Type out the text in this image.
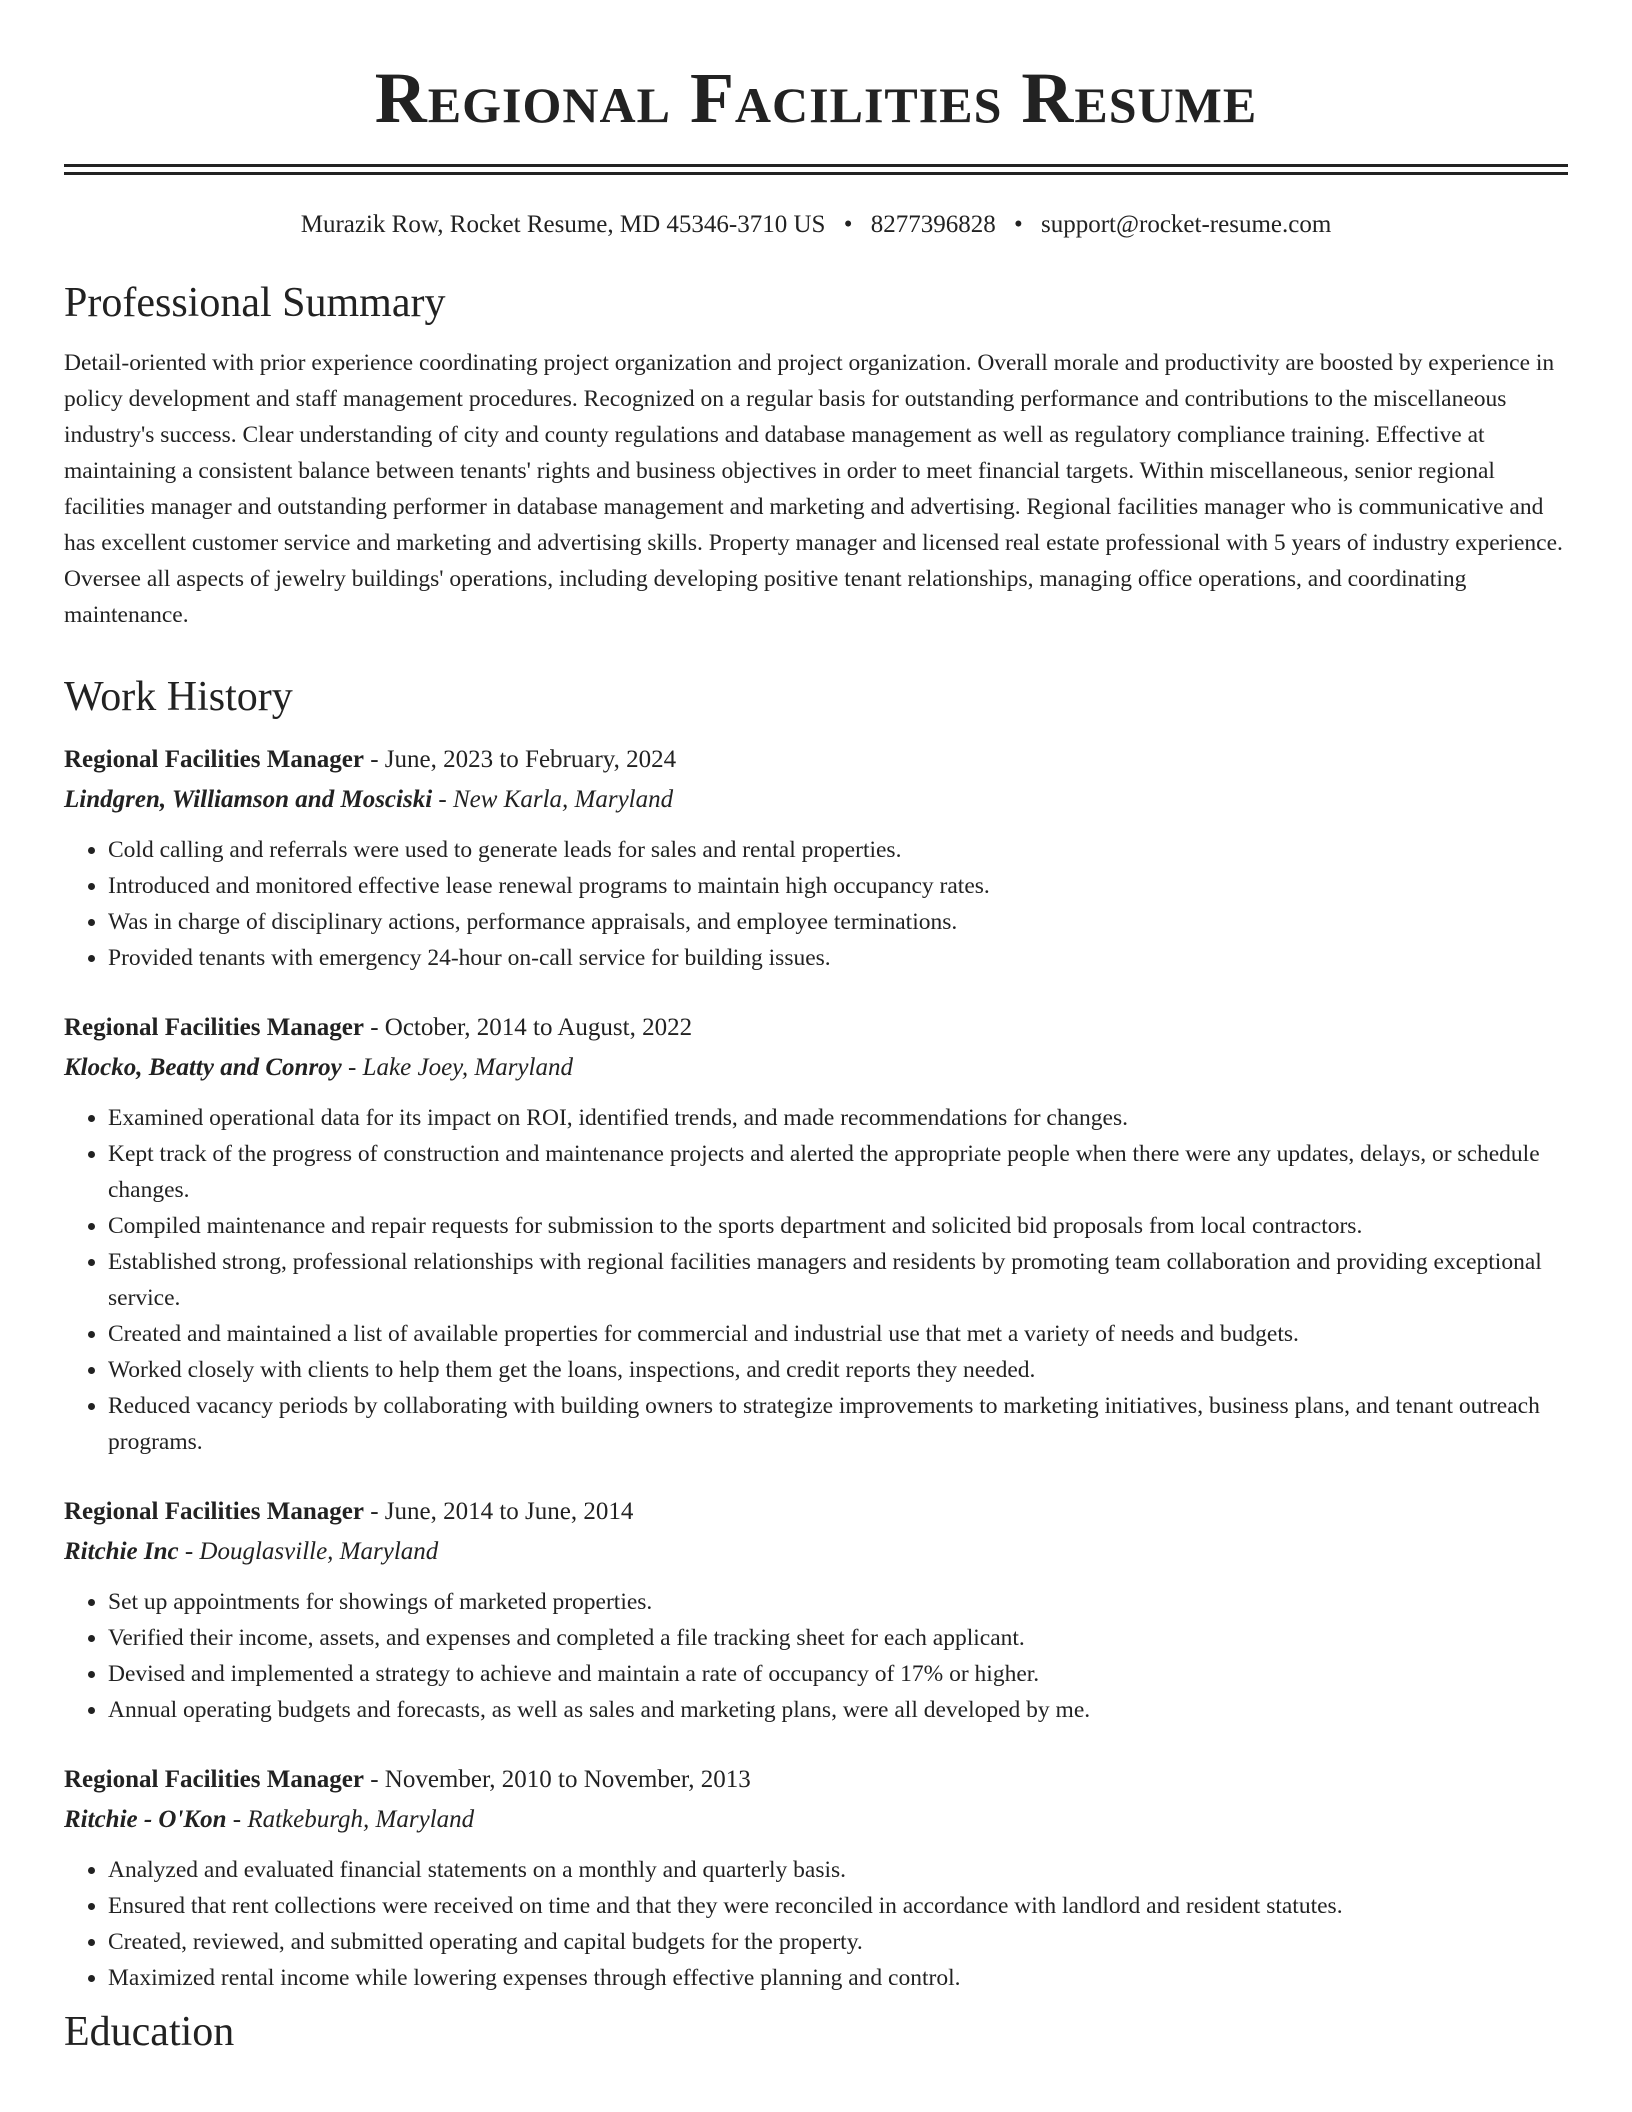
Regional Facilities Resume
Murazik Row, Rocket Resume, MD 45346-3710 US • 8277396828 • support@rocket-resume.com
Professional Summary

Detail-oriented with prior experience coordinating project organization and project organization. Overall morale and productivity are boosted by experience in policy development and staff management procedures. Recognized on a regular basis for outstanding performance and contributions to the miscellaneous industry's success. Clear understanding of city and county regulations and database management as well as regulatory compliance training. Effective at maintaining a consistent balance between tenants' rights and business objectives in order to meet financial targets. Within miscellaneous, senior regional facilities manager and outstanding performer in database management and marketing and advertising. Regional facilities manager who is communicative and has excellent customer service and marketing and advertising skills. Property manager and licensed real estate professional with 5 years of industry experience. Oversee all aspects of jewelry buildings' operations, including developing positive tenant relationships, managing office operations, and coordinating maintenance.

Work History
Regional Facilities Manager - June, 2023 to February, 2024
Lindgren, Williamson and Mosciski - New Karla, Maryland
• Cold calling and referrals were used to generate leads for sales and rental properties.
• Introduced and monitored effective lease renewal programs to maintain high occupancy rates.
• Was in charge of disciplinary actions, performance appraisals, and employee terminations.
• Provided tenants with emergency 24-hour on-call service for building issues.
Regional Facilities Manager - October, 2014 to August, 2022
Klocko, Beatty and Conroy - Lake Joey, Maryland
• Examined operational data for its impact on ROI, identified trends, and made recommendations for changes.
• Kept track of the progress of construction and maintenance projects and alerted the appropriate people when there were any updates, delays, or schedule changes.
• Compiled maintenance and repair requests for submission to the sports department and solicited bid proposals from local contractors.
• Established strong, professional relationships with regional facilities managers and residents by promoting team collaboration and providing exceptional service.
• Created and maintained a list of available properties for commercial and industrial use that met a variety of needs and budgets.
• Worked closely with clients to help them get the loans, inspections, and credit reports they needed.
• Reduced vacancy periods by collaborating with building owners to strategize improvements to marketing initiatives, business plans, and tenant outreach programs.
Regional Facilities Manager - June, 2014 to June, 2014
Ritchie Inc - Douglasville, Maryland
• Set up appointments for showings of marketed properties.
• Verified their income, assets, and expenses and completed a file tracking sheet for each applicant.
• Devised and implemented a strategy to achieve and maintain a rate of occupancy of 17% or higher.
• Annual operating budgets and forecasts, as well as sales and marketing plans, were all developed by me.
Regional Facilities Manager - November, 2010 to November, 2013
Ritchie - O'Kon - Ratkeburgh, Maryland
• Analyzed and evaluated financial statements on a monthly and quarterly basis.
• Ensured that rent collections were received on time and that they were reconciled in accordance with landlord and resident statutes.
• Created, reviewed, and submitted operating and capital budgets for the property.
• Maximized rental income while lowering expenses through effective planning and control.
Education
